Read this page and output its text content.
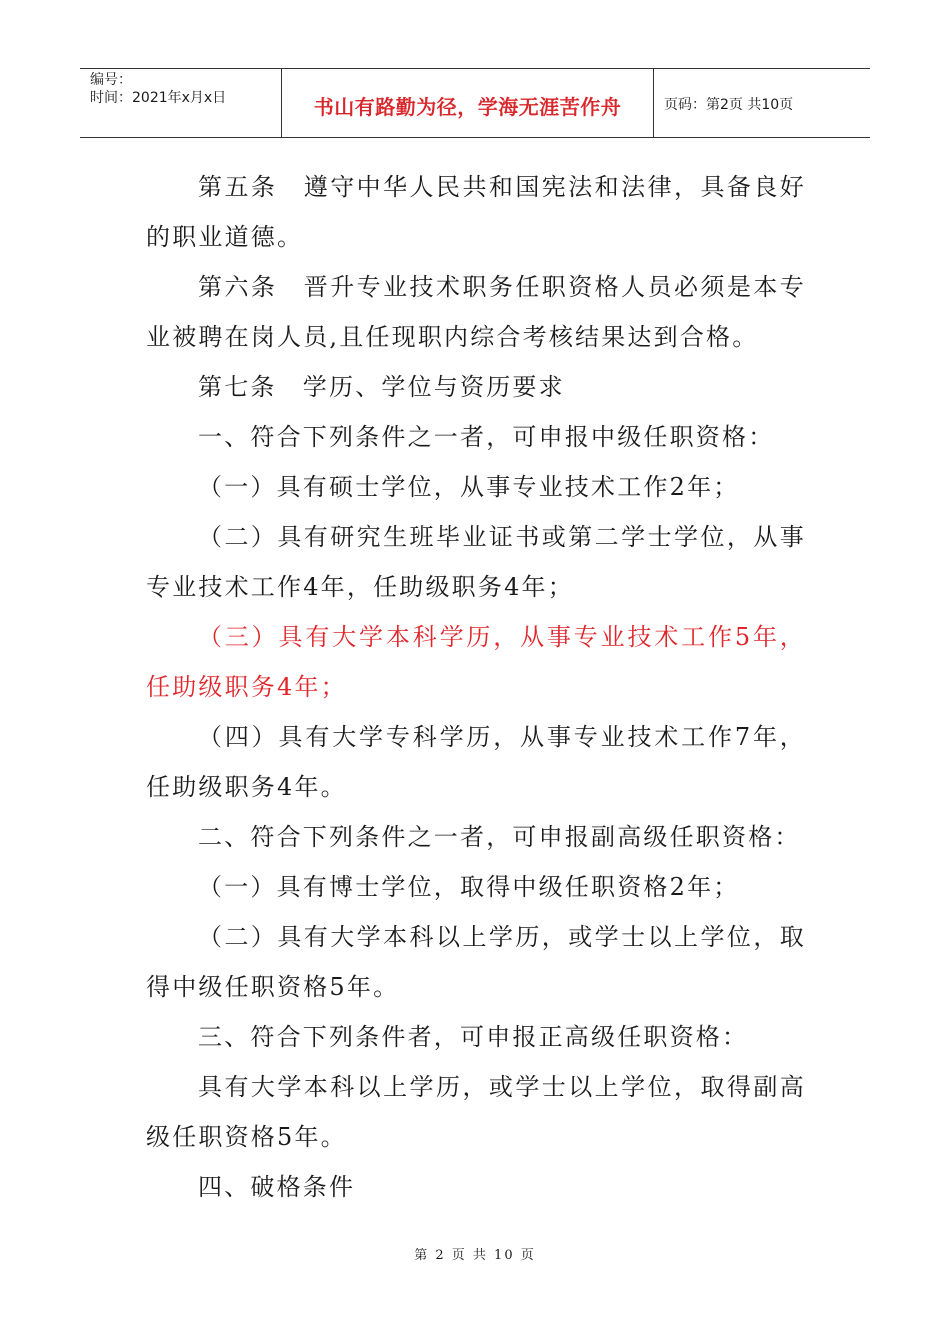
编号：
时间：2021年x月x日	书山有路勤为径，学海无涯苦作舟	页码：第2页 共10页

第五条　遵守中华人民共和国宪法和法律，具备良好的职业道德。

第六条　晋升专业技术职务任职资格人员必须是本专业被聘在岗人员,且任现职内综合考核结果达到合格。

第七条　学历、学位与资历要求

一、符合下列条件之一者，可申报中级任职资格：

（一）具有硕士学位，从事专业技术工作2年；

（二）具有研究生班毕业证书或第二学士学位，从事专业技术工作4年，任助级职务4年；

（三）具有大学本科学历，从事专业技术工作5年，任助级职务4年；

（四）具有大学专科学历，从事专业技术工作7年，任助级职务4年。

二、符合下列条件之一者，可申报副高级任职资格：

（一）具有博士学位，取得中级任职资格2年；

（二）具有大学本科以上学历，或学士以上学位，取得中级任职资格5年。

三、符合下列条件者，可申报正高级任职资格：

具有大学本科以上学历，或学士以上学位，取得副高级任职资格5年。

四、破格条件

第 2 页 共 10 页
